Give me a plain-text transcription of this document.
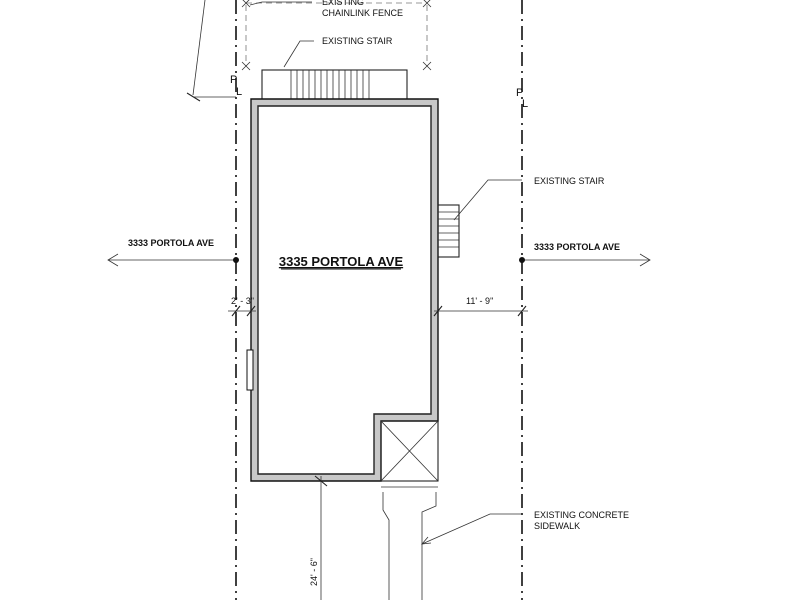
EXISTING
CHAINLINK FENCE
EXISTING STAIR
EXISTING STAIR
3335 PORTOLA AVE
3333 PORTOLA AVE	3333 PORTOLA AVE
P
L	P
L
2' - 3"	11' - 9"
24' - 6"
EXISTING CONCRETE
SIDEWALK
